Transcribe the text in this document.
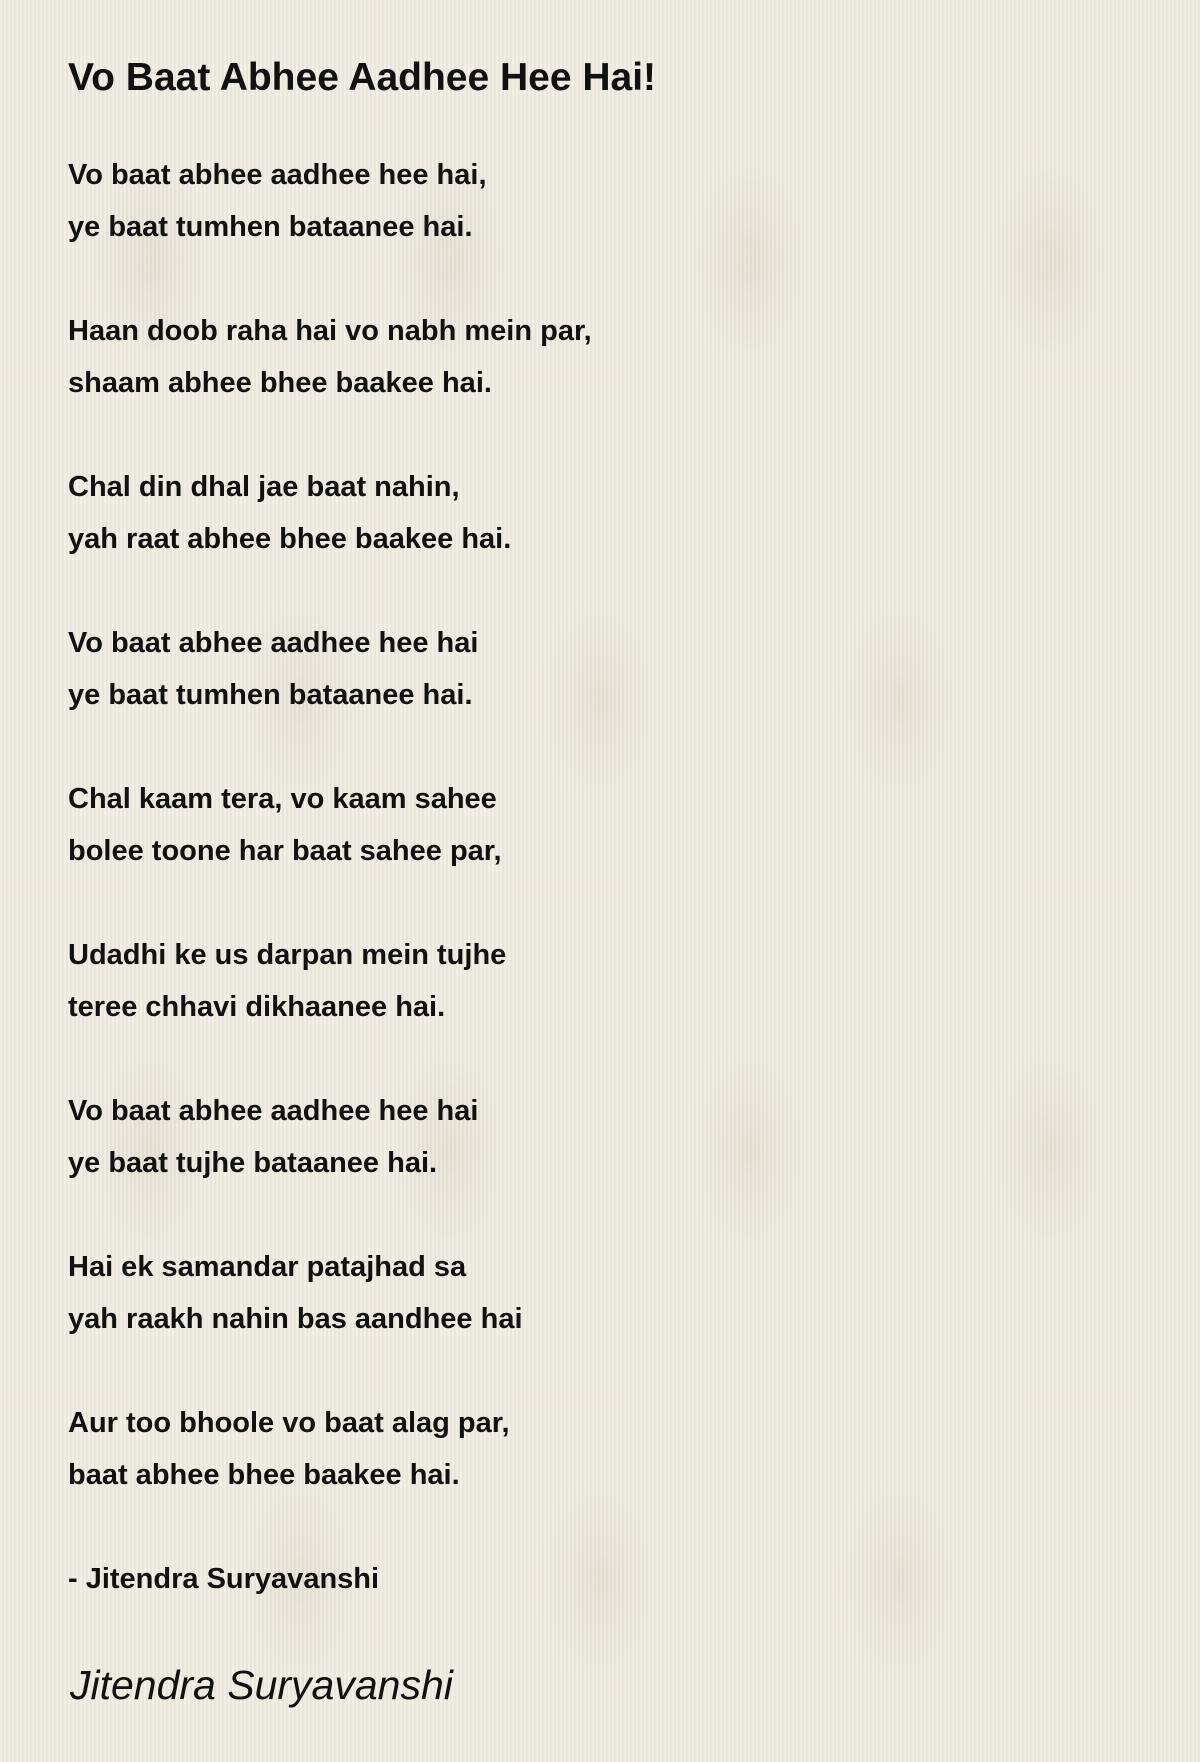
Vo Baat Abhee Aadhee Hee Hai!
Vo baat abhee aadhee hee hai,
ye baat tumhen bataanee hai.
Haan doob raha hai vo nabh mein par,
shaam abhee bhee baakee hai.
Chal din dhal jae baat nahin,
yah raat abhee bhee baakee hai.
Vo baat abhee aadhee hee hai
ye baat tumhen bataanee hai.
Chal kaam tera, vo kaam sahee
bolee toone har baat sahee par,
Udadhi ke us darpan mein tujhe
teree chhavi dikhaanee hai.
Vo baat abhee aadhee hee hai
ye baat tujhe bataanee hai.
Hai ek samandar patajhad sa
yah raakh nahin bas aandhee hai
Aur too bhoole vo baat alag par,
baat abhee bhee baakee hai.
- Jitendra Suryavanshi
Jitendra Suryavanshi
